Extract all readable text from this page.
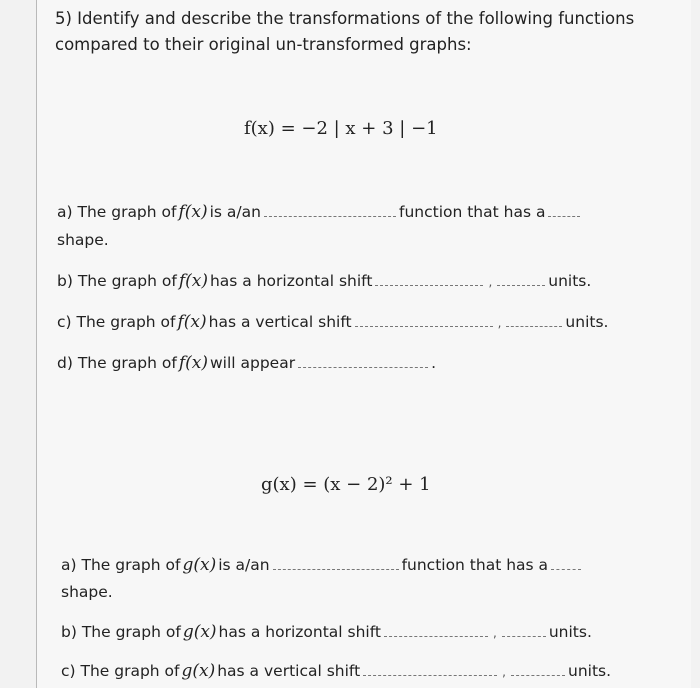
5) Identify and describe the transformations of the following functions compared to their original un-transformed graphs:
f(x) = −2 | x + 3 | −1
a) The graph of f(x) is a/an	function that has a
shape.
b) The graph of f(x) has a horizontal shift	,	units.
c) The graph of f(x) has a vertical shift	,	units.
d) The graph of f(x) will appear	.
g(x) = (x − 2)² + 1
a) The graph of g(x) is a/an	function that has a
shape.
b) The graph of g(x) has a horizontal shift	,	units.
c) The graph of g(x) has a vertical shift	,	units.
